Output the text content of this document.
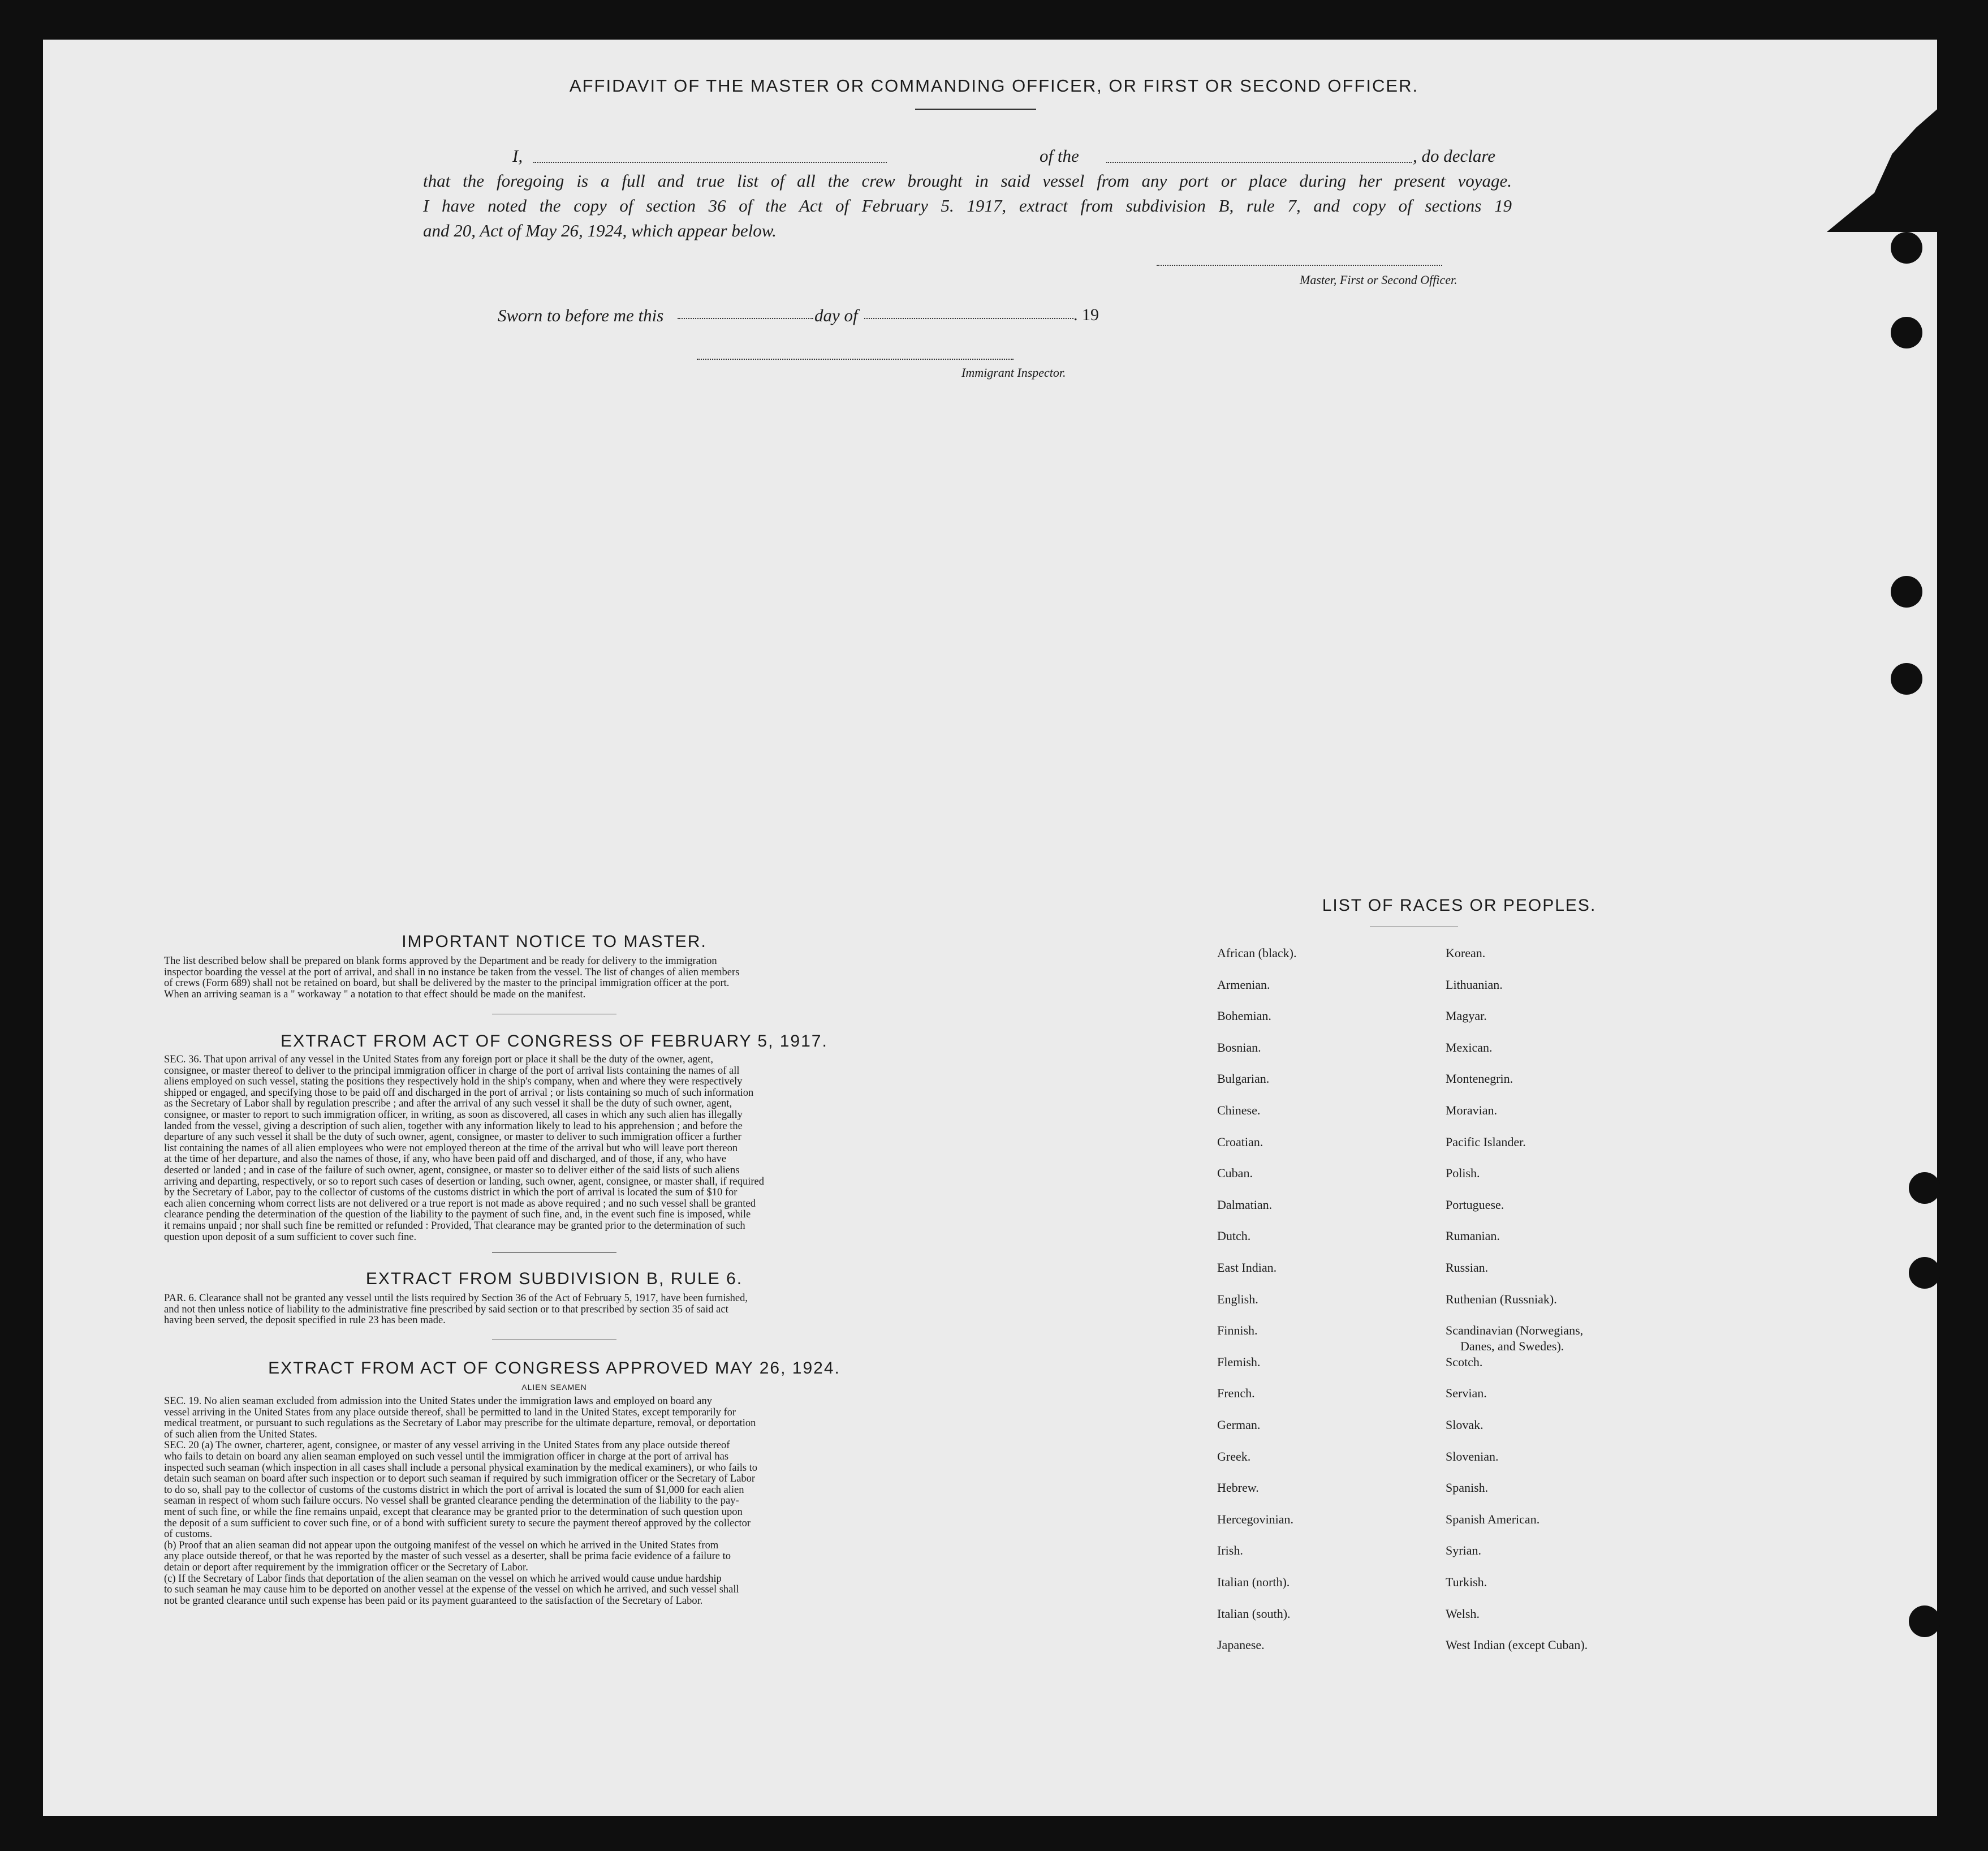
AFFIDAVIT OF THE MASTER OR COMMANDING OFFICER, OR FIRST OR SECOND OFFICER.
I,	of the	, do declare
that the foregoing is a full and true list of all the crew brought in said vessel from any port or place during her present voyage.
I have noted the copy of section 36 of the Act of February 5. 1917, extract from subdivision B, rule 7, and copy of sections 19
and 20, Act of May 26, 1924, which appear below.
Master, First or Second Officer.
Sworn to before me this	day of	. 19
Immigrant Inspector.
IMPORTANT NOTICE TO MASTER.
The list described below shall be prepared on blank forms approved by the Department and be ready for delivery to the immigration
inspector boarding the vessel at the port of arrival, and shall in no instance be taken from the vessel. The list of changes of alien members
of crews (Form 689) shall not be retained on board, but shall be delivered by the master to the principal immigration officer at the port.
When an arriving seaman is a " workaway " a notation to that effect should be made on the manifest.
EXTRACT FROM ACT OF CONGRESS OF FEBRUARY 5, 1917.
SEC. 36. That upon arrival of any vessel in the United States from any foreign port or place it shall be the duty of the owner, agent,
consignee, or master thereof to deliver to the principal immigration officer in charge of the port of arrival lists containing the names of all
aliens employed on such vessel, stating the positions they respectively hold in the ship's company, when and where they were respectively
shipped or engaged, and specifying those to be paid off and discharged in the port of arrival ; or lists containing so much of such information
as the Secretary of Labor shall by regulation prescribe ; and after the arrival of any such vessel it shall be the duty of such owner, agent,
consignee, or master to report to such immigration officer, in writing, as soon as discovered, all cases in which any such alien has illegally
landed from the vessel, giving a description of such alien, together with any information likely to lead to his apprehension ; and before the
departure of any such vessel it shall be the duty of such owner, agent, consignee, or master to deliver to such immigration officer a further
list containing the names of all alien employees who were not employed thereon at the time of the arrival but who will leave port thereon
at the time of her departure, and also the names of those, if any, who have been paid off and discharged, and of those, if any, who have
deserted or landed ; and in case of the failure of such owner, agent, consignee, or master so to deliver either of the said lists of such aliens
arriving and departing, respectively, or so to report such cases of desertion or landing, such owner, agent, consignee, or master shall, if required
by the Secretary of Labor, pay to the collector of customs of the customs district in which the port of arrival is located the sum of $10 for
each alien concerning whom correct lists are not delivered or a true report is not made as above required ; and no such vessel shall be granted
clearance pending the determination of the question of the liability to the payment of such fine, and, in the event such fine is imposed, while
it remains unpaid ; nor shall such fine be remitted or refunded : Provided, That clearance may be granted prior to the determination of such
question upon deposit of a sum sufficient to cover such fine.
EXTRACT FROM SUBDIVISION B, RULE 6.
PAR. 6. Clearance shall not be granted any vessel until the lists required by Section 36 of the Act of February 5, 1917, have been furnished,
and not then unless notice of liability to the administrative fine prescribed by said section or to that prescribed by section 35 of said act
having been served, the deposit specified in rule 23 has been made.
EXTRACT FROM ACT OF CONGRESS APPROVED MAY 26, 1924.
ALIEN SEAMEN
SEC. 19. No alien seaman excluded from admission into the United States under the immigration laws and employed on board any
vessel arriving in the United States from any place outside thereof, shall be permitted to land in the United States, except temporarily for
medical treatment, or pursuant to such regulations as the Secretary of Labor may prescribe for the ultimate departure, removal, or deportation
of such alien from the United States.
SEC. 20 (a) The owner, charterer, agent, consignee, or master of any vessel arriving in the United States from any place outside thereof
who fails to detain on board any alien seaman employed on such vessel until the immigration officer in charge at the port of arrival has
inspected such seaman (which inspection in all cases shall include a personal physical examination by the medical examiners), or who fails to
detain such seaman on board after such inspection or to deport such seaman if required by such immigration officer or the Secretary of Labor
to do so, shall pay to the collector of customs of the customs district in which the port of arrival is located the sum of $1,000 for each alien
seaman in respect of whom such failure occurs. No vessel shall be granted clearance pending the determination of the liability to the pay-
ment of such fine, or while the fine remains unpaid, except that clearance may be granted prior to the determination of such question upon
the deposit of a sum sufficient to cover such fine, or of a bond with sufficient surety to secure the payment thereof approved by the collector
of customs.
(b) Proof that an alien seaman did not appear upon the outgoing manifest of the vessel on which he arrived in the United States from
any place outside thereof, or that he was reported by the master of such vessel as a deserter, shall be prima facie evidence of a failure to
detain or deport after requirement by the immigration officer or the Secretary of Labor.
(c) If the Secretary of Labor finds that deportation of the alien seaman on the vessel on which he arrived would cause undue hardship
to such seaman he may cause him to be deported on another vessel at the expense of the vessel on which he arrived, and such vessel shall
not be granted clearance until such expense has been paid or its payment guaranteed to the satisfaction of the Secretary of Labor.
LIST OF RACES OR PEOPLES.
African (black).
Armenian.
Bohemian.
Bosnian.
Bulgarian.
Chinese.
Croatian.
Cuban.
Dalmatian.
Dutch.
East Indian.
English.
Finnish.
Flemish.
French.
German.
Greek.
Hebrew.
Hercegovinian.
Irish.
Italian (north).
Italian (south).
Japanese.
Korean.
Lithuanian.
Magyar.
Mexican.
Montenegrin.
Moravian.
Pacific Islander.
Polish.
Portuguese.
Rumanian.
Russian.
Ruthenian (Russniak).
Scandinavian (Norwegians,
Scotch.
Servian.
Slovak.
Slovenian.
Spanish.
Spanish American.
Syrian.
Turkish.
Welsh.
West Indian (except Cuban).
Danes, and Swedes).
